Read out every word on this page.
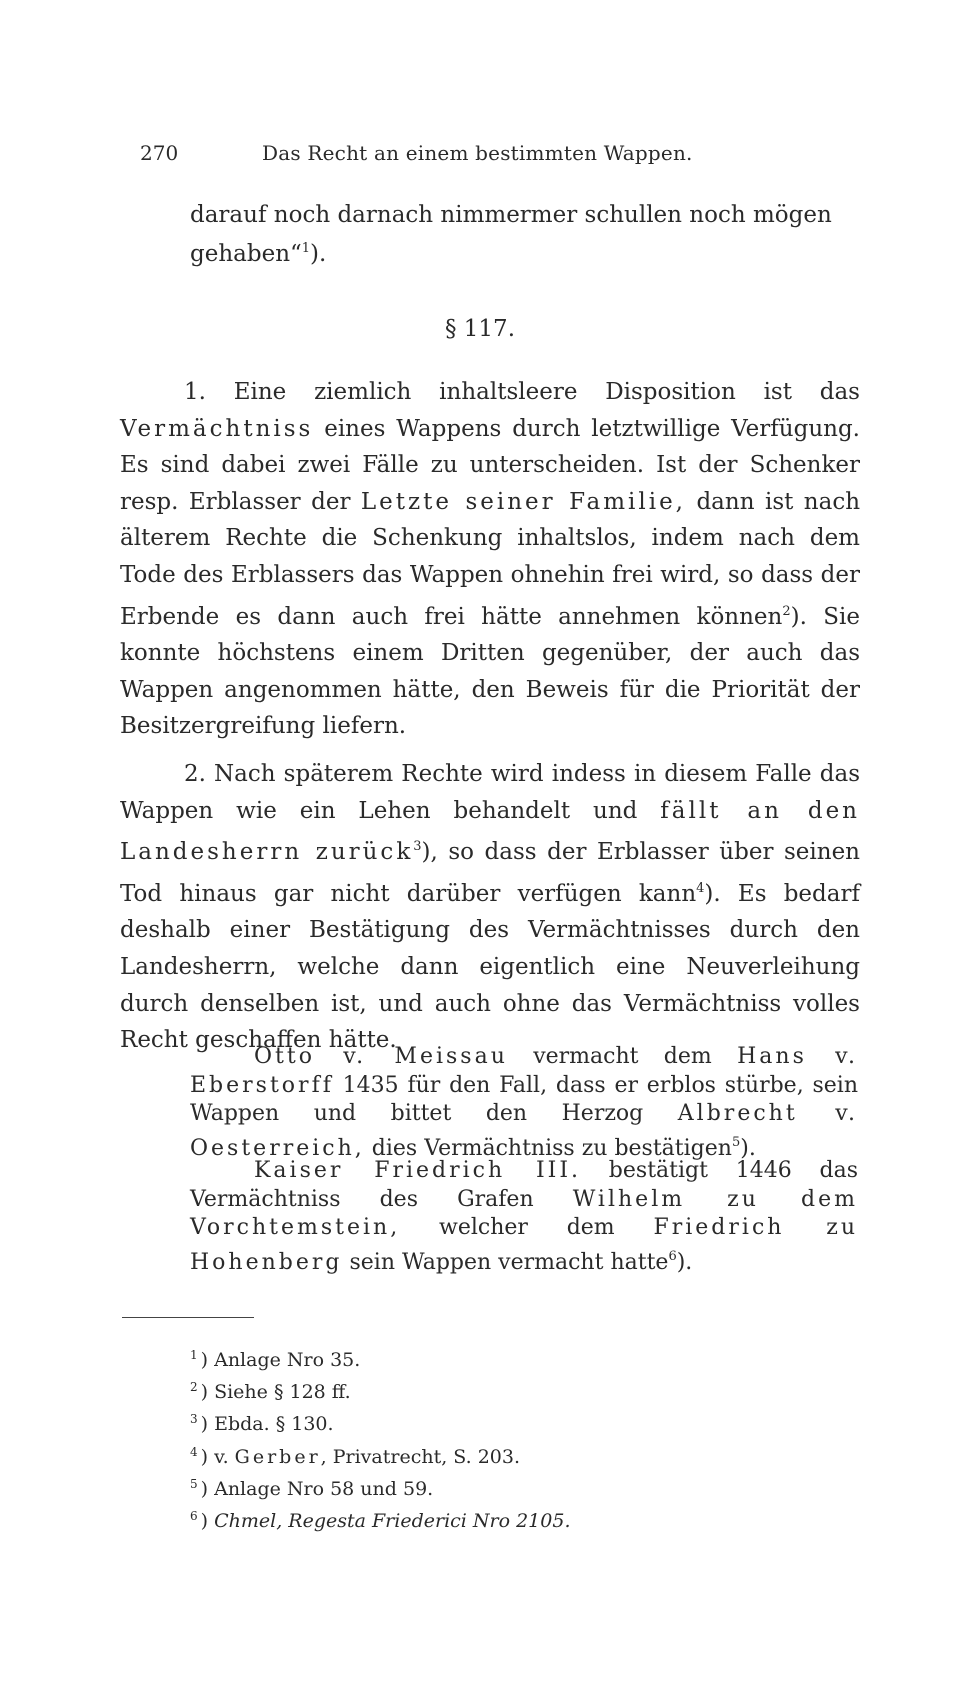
270	Das Recht an einem bestimmten Wappen.
darauf noch darnach nimmermer schullen noch mögen gehaben“$^1$).
§ 117.

1. Eine ziemlich inhaltsleere Disposition ist das Vermächtniss eines Wappens durch letztwillige Verfügung. Es sind dabei zwei Fälle zu unterscheiden. Ist der Schenker resp. Erblasser der Letzte seiner Familie, dann ist nach älterem Rechte die Schenkung inhaltslos, indem nach dem Tode des Erblassers das Wappen ohnehin frei wird, so dass der Erbende es dann auch frei hätte annehmen können$^2$). Sie konnte höchstens einem Dritten gegenüber, der auch das Wappen angenommen hätte, den Beweis für die Priorität der Besitzergreifung liefern.

2. Nach späterem Rechte wird indess in diesem Falle das Wappen wie ein Lehen behandelt und fällt an den Landesherrn zurück$^3$), so dass der Erblasser über seinen Tod hinaus gar nicht darüber verfügen kann$^4$). Es bedarf deshalb einer Bestätigung des Vermächtnisses durch den Landesherrn, welche dann eigentlich eine Neuverleihung durch denselben ist, und auch ohne das Vermächtniss volles Recht geschaffen hätte.

Otto v. Meissau vermacht dem Hans v. Eberstorff 1435 für den Fall, dass er erblos stürbe, sein Wappen und bittet den Herzog Albrecht v. Oesterreich, dies Vermächtniss zu bestätigen$^5$).

Kaiser Friedrich III. bestätigt 1446 das Vermächtniss des Grafen Wilhelm zu dem Vorchtemstein, welcher dem Friedrich zu Hohenberg sein Wappen vermacht hatte$^6$).

$^1$ ) Anlage Nro 35.

$^2$ ) Siehe § 128 ff.

$^3$ ) Ebda. § 130.

$^4$ ) v. Gerber, Privatrecht, S. 203.

$^5$ ) Anlage Nro 58 und 59.

$^6$ ) Chmel, Regesta Friederici Nro 2105.
